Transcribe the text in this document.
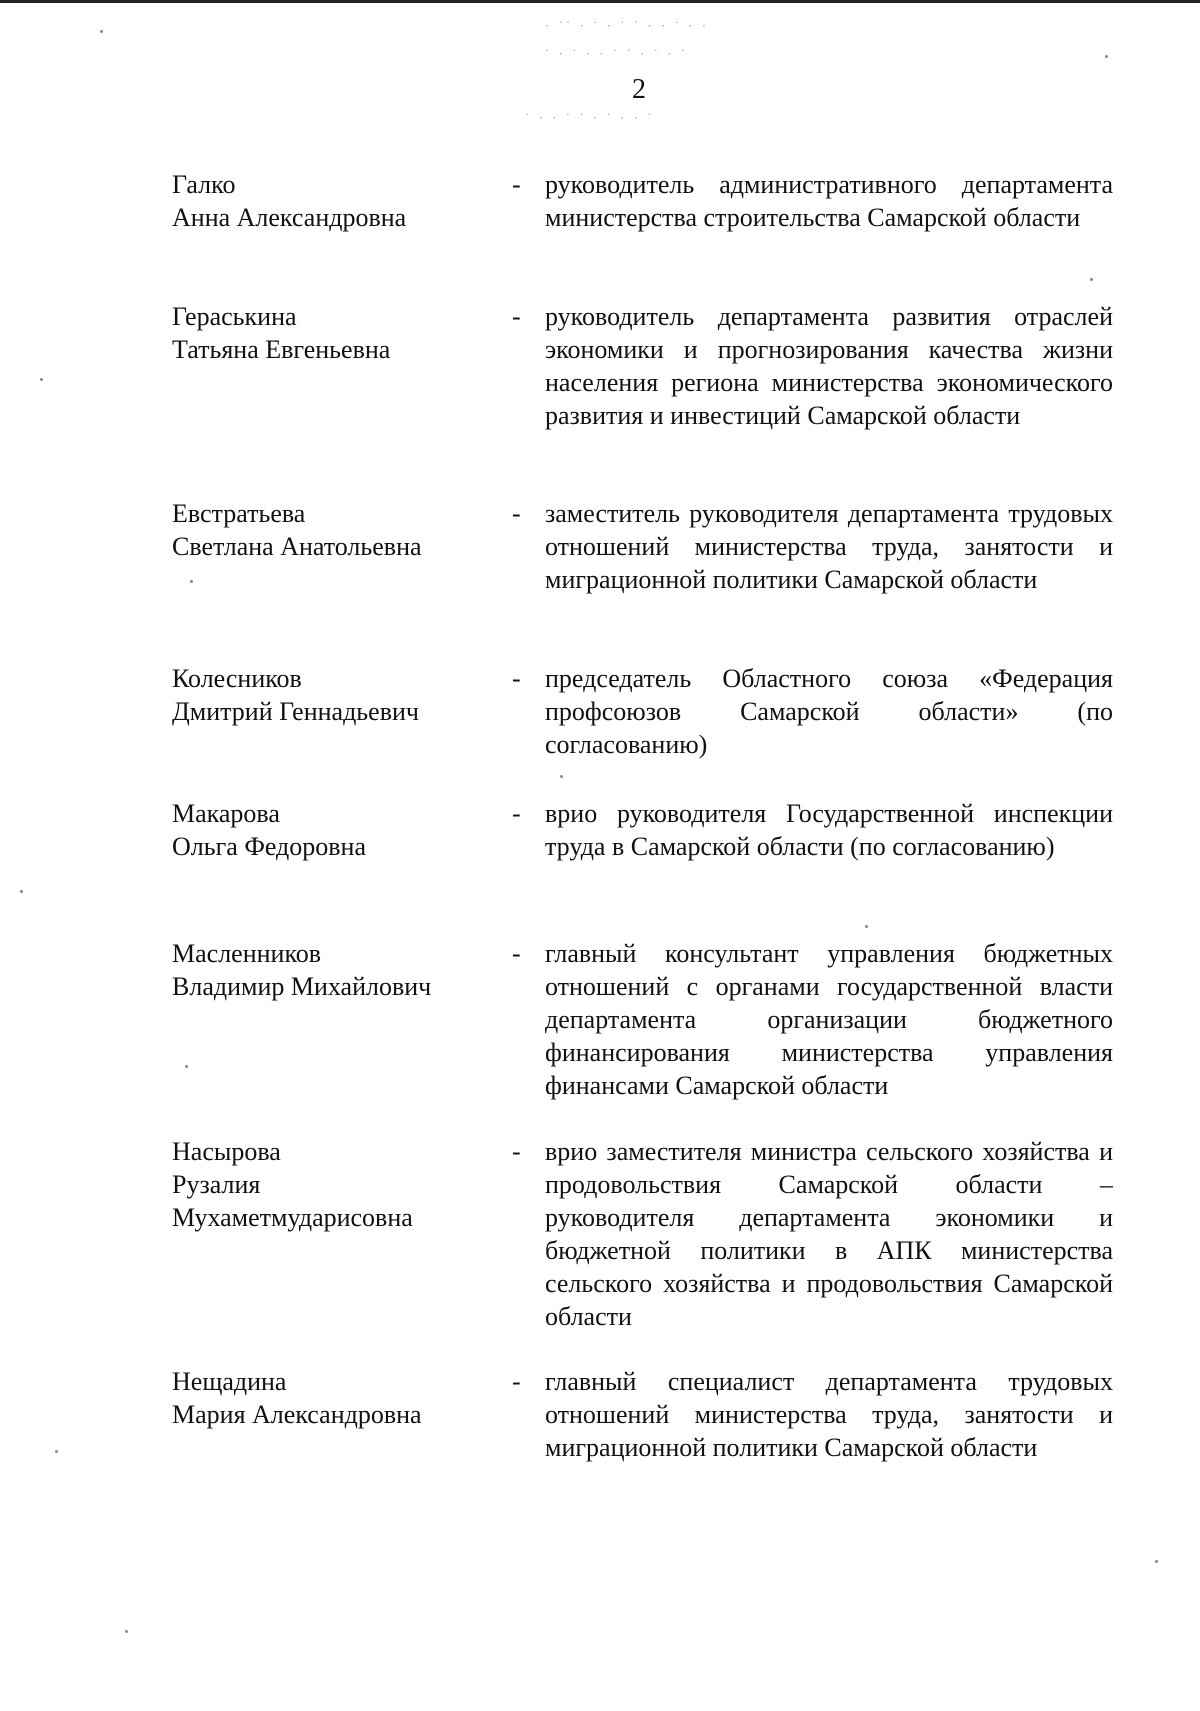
· ˙ˈ · ˙ · ˙ ˈ · · ˙ · ·
˙ · ˙ · · ˙ ˙ · ˙ · ˙
˙ · · ˙ ˙ · ˙ · · ˙
2
Галко
Анна Александровна
- руководитель административного департамента министерства строительства Самарской области
Гераськина
Татьяна Евгеньевна
- руководитель департамента развития отраслей экономики и прогнозирования качества жизни населения региона министерства экономического развития и инвестиций Самарской области
Евстратьева
Светлана Анатольевна
- заместитель руководителя департамента трудовых отношений министерства труда, занятости и миграционной политики Самарской области
Колесников
Дмитрий Геннадьевич
- председатель Областного союза «Федерация профсоюзов Самарской области» (по согласованию)
Макарова
Ольга Федоровна
- врио руководителя Государственной инспекции труда в Самарской области (по согласованию)
Масленников
Владимир Михайлович
- главный консультант управления бюджетных отношений с органами государственной власти департамента организации бюджетного финансирования министерства управления финансами Самарской области
Насырова
Рузалия
Мухаметмударисовна
- врио заместителя министра сельского хозяйства и продовольствия Самарской области – руководителя департамента экономики и бюджетной политики в АПК министерства сельского хозяйства и продовольствия Самарской области
Нещадина
Мария Александровна
- главный специалист департамента трудовых отношений министерства труда, занятости и миграционной политики Самарской области
